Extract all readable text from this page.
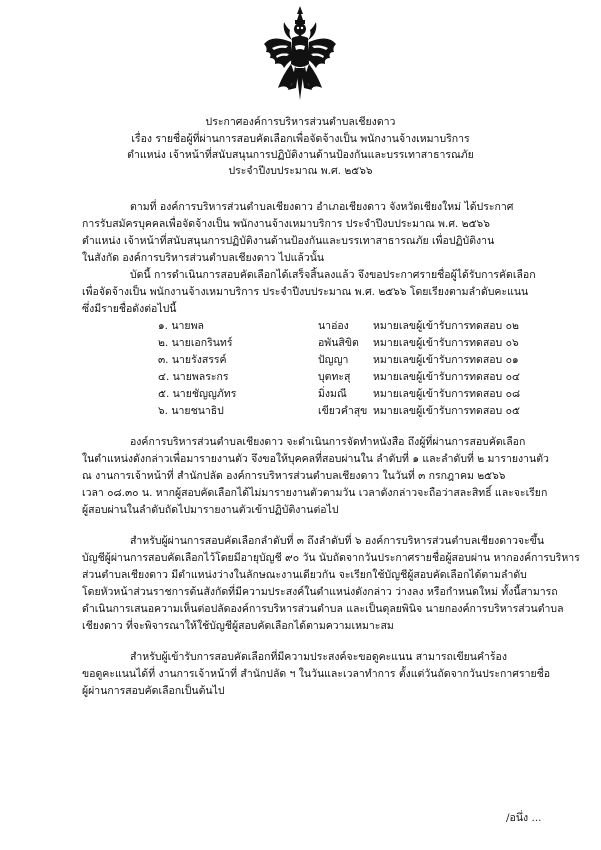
ประกาศองค์การบริหารส่วนตำบลเชียงดาว
เรื่อง รายชื่อผู้ที่ผ่านการสอบคัดเลือกเพื่อจัดจ้างเป็น พนักงานจ้างเหมาบริการ
ตำแหน่ง เจ้าหน้าที่สนับสนุนการปฏิบัติงานด้านป้องกันและบรรเทาสาธารณภัย
ประจำปีงบประมาณ พ.ศ. ๒๕๖๖
ตามที่ องค์การบริหารส่วนตำบลเชียงดาว อำเภอเชียงดาว จังหวัดเชียงใหม่ ได้ประกาศ
การรับสมัครบุคคลเพื่อจัดจ้างเป็น พนักงานจ้างเหมาบริการ ประจำปีงบประมาณ พ.ศ. ๒๕๖๖
ตำแหน่ง เจ้าหน้าที่สนับสนุนการปฏิบัติงานด้านป้องกันและบรรเทาสาธารณภัย เพื่อปฏิบัติงาน
ในสังกัด องค์การบริหารส่วนตำบลเชียงดาว ไปแล้วนั้น
บัดนี้ การดำเนินการสอบคัดเลือกได้เสร็จสิ้นลงแล้ว จึงขอประกาศรายชื่อผู้ได้รับการคัดเลือก
เพื่อจัดจ้างเป็น พนักงานจ้างเหมาบริการ ประจำปีงบประมาณ พ.ศ. ๒๕๖๖ โดยเรียงตามลำดับคะแนน
ซึ่งมีรายชื่อดังต่อไปนี้
๑. นายพล	นาอ่อง หมายเลขผู้เข้ารับการทดสอบ ๐๒
๒. นายเอกรินทร์	อพันสิขิต หมายเลขผู้เข้ารับการทดสอบ ๐๖
๓. นายรังสรรค์	ปัญญา หมายเลขผู้เข้ารับการทดสอบ ๐๑
๔. นายพลระกร	บุตทะสุ หมายเลขผู้เข้ารับการทดสอบ ๐๔
๕. นายชัญญภัทร	มิ่งมณี	หมายเลขผู้เข้ารับการทดสอบ ๐๘
๖. นายชนาธิป	เขียวคำสุข หมายเลขผู้เข้ารับการทดสอบ ๐๕
องค์การบริหารส่วนตำบลเชียงดาว จะดำเนินการจัดทำหนังสือ ถึงผู้ที่ผ่านการสอบคัดเลือก
ในตำแหน่งดังกล่าวเพื่อมารายงานตัว จึงขอให้บุคคลที่สอบผ่านใน ลำดับที่ ๑ และลำดับที่ ๒ มารายงานตัว
ณ งานการเจ้าหน้าที่ สำนักปลัด องค์การบริหารส่วนตำบลเชียงดาว ในวันที่ ๓ กรกฎาคม ๒๕๖๖
เวลา ๐๘.๓๐ น. หากผู้สอบคัดเลือกได้ไม่มารายงานตัวตามวัน เวลาดังกล่าวจะถือว่าสละสิทธิ์ และจะเรียก
ผู้สอบผ่านในลำดับถัดไปมารายงานตัวเข้าปฏิบัติงานต่อไป
สำหรับผู้ผ่านการสอบคัดเลือกลำดับที่ ๓ ถึงลำดับที่ ๖ องค์การบริหารส่วนตำบลเชียงดาวจะขึ้น
บัญชีผู้ผ่านการสอบคัดเลือกไว้โดยมีอายุบัญชี ๙๐ วัน นับถัดจากวันประกาศรายชื่อผู้สอบผ่าน หากองค์การบริหาร
ส่วนตำบลเชียงดาว มีตำแหน่งว่างในลักษณะงานเดียวกัน จะเรียกใช้บัญชีผู้สอบคัดเลือกได้ตามลำดับ
โดยหัวหน้าส่วนราชการต้นสังกัดที่มีความประสงค์ในตำแหน่งดังกล่าว ว่างลง หรือกำหนดใหม่ ทั้งนี้สามารถ
ดำเนินการเสนอความเห็นต่อปลัดองค์การบริหารส่วนตำบล และเป็นดุลยพินิจ นายกองค์การบริหารส่วนตำบล
เชียงดาว ที่จะพิจารณาให้ใช้บัญชีผู้สอบคัดเลือกได้ตามความเหมาะสม
สำหรับผู้เข้ารับการสอบคัดเลือกที่มีความประสงค์จะขอดูคะแนน สามารถเขียนคำร้อง
ขอดูคะแนนได้ที่ งานการเจ้าหน้าที่ สำนักปลัด ฯ ในวันและเวลาทำการ ตั้งแต่วันถัดจากวันประกาศรายชื่อ
ผู้ผ่านการสอบคัดเลือกเป็นต้นไป
/อนึ่ง ...
